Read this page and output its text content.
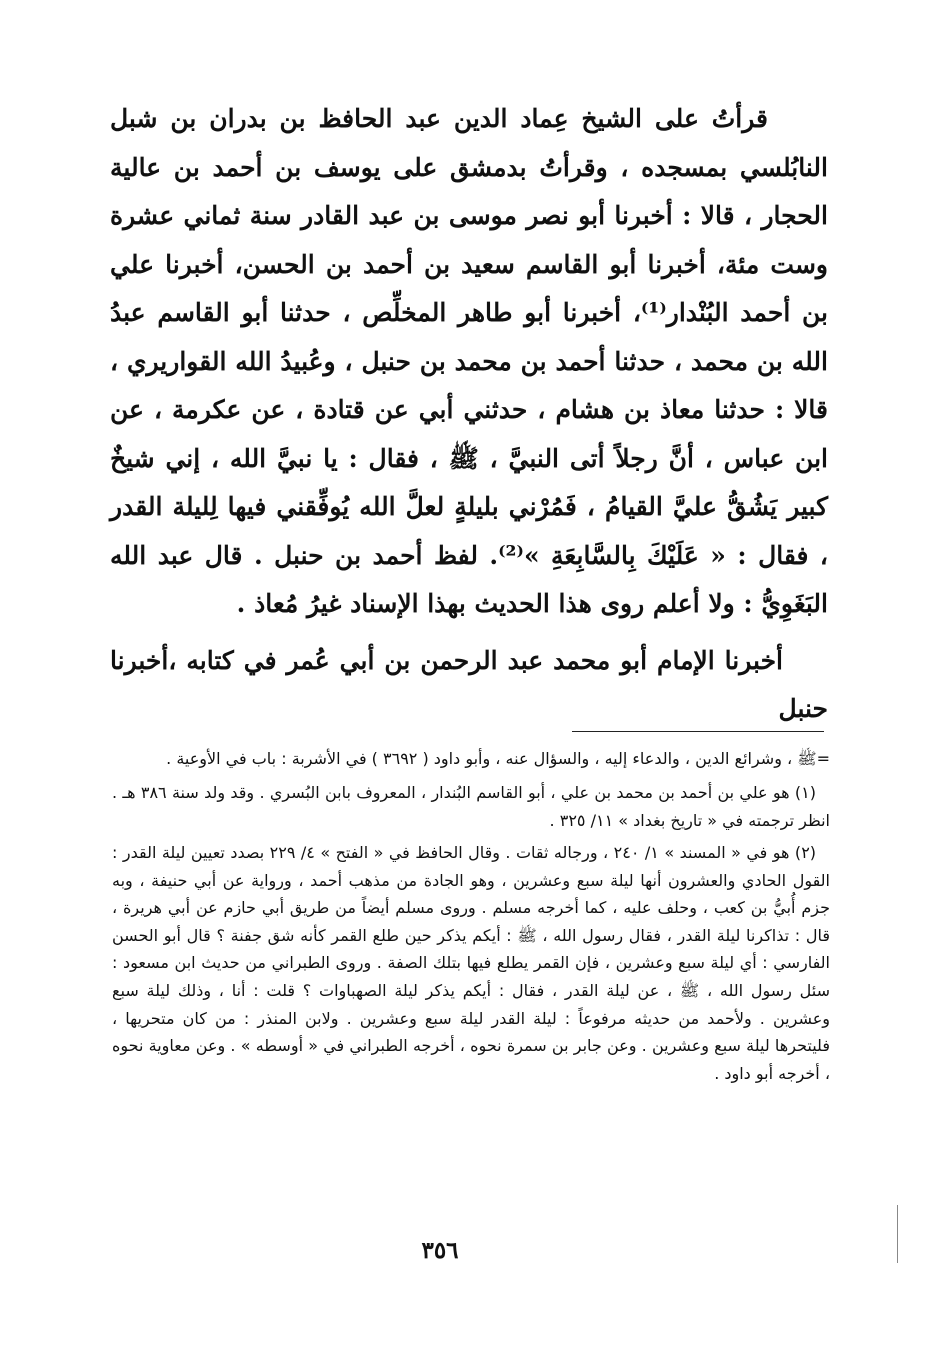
قرأتُ على الشيخ عِماد الدين عبد الحافظ بن بدران بن شبل النابُلسي بمسجده ، وقرأتُ بدمشق على يوسف بن أحمد بن عالية الحجار ، قالا : أخبرنا أبو نصر موسى بن عبد القادر سنة ثماني عشرة وست مئة، أخبرنا أبو القاسم سعيد بن أحمد بن الحسن، أخبرنا علي بن أحمد البُنْدار⁽¹⁾، أخبرنا أبو طاهر المخلِّص ، حدثنا أبو القاسم عبدُ الله بن محمد ، حدثنا أحمد بن محمد بن حنبل ، وعُبيدُ الله القواريري ، قالا : حدثنا معاذ بن هشام ، حدثني أبي عن قتادة ، عن عكرمة ، عن ابن عباس ، أنَّ رجلاً أتى النبيَّ ، ﷺ ، فقال : يا نبيَّ الله ، إني شيخٌ كبير يَشُقُّ عليَّ القيامُ ، فَمُرْني بليلةٍ لعلَّ الله يُوفِّقني فيها لِليلة القدر ، فقال : « عَلَيْكَ بِالسَّابِعَةِ »⁽²⁾. لفظ أحمد بن حنبل . قال عبد الله البَغَوِيُّ : ولا أعلم روى هذا الحديث بهذا الإسناد غيرُ مُعاذ .

أخبرنا الإمام أبو محمد عبد الرحمن بن أبي عُمر في كتابه ،أخبرنا حنبل

=ﷺ ، وشرائع الدين ، والدعاء إليه ، والسؤال عنه ، وأبو داود ( ٣٦٩٢ ) في الأشربة : باب في الأوعية .

(١) هو علي بن أحمد بن محمد بن علي ، أبو القاسم البُندار ، المعروف بابن البُسري . وقد ولد سنة ٣٨٦ هـ . انظر ترجمته في « تاريخ بغداد » ١١/ ٣٢٥ .

(٢) هو في « المسند » ١/ ٢٤٠ ، ورجاله ثقات . وقال الحافظ في « الفتح » ٤/ ٢٢٩ بصدد تعيين ليلة القدر : القول الحادي والعشرون أنها ليلة سبع وعشرين ، وهو الجادة من مذهب أحمد ، ورواية عن أبي حنيفة ، وبه جزم أُبيُّ بن كعب ، وحلف عليه ، كما أخرجه مسلم . وروى مسلم أيضاً من طريق أبي حازم عن أبي هريرة ، قال : تذاكرنا ليلة القدر ، فقال رسول الله ، ﷺ : أيكم يذكر حين طلع القمر كأنه شق جفنة ؟ قال أبو الحسن الفارسي : أي ليلة سبع وعشرين ، فإن القمر يطلع فيها بتلك الصفة . وروى الطبراني من حديث ابن مسعود : سئل رسول الله ، ﷺ ، عن ليلة القدر ، فقال : أيكم يذكر ليلة الصهباوات ؟ قلت : أنا ، وذلك ليلة سبع وعشرين . ولأحمد من حديثه مرفوعاً : ليلة القدر ليلة سبع وعشرين . ولابن المنذر : من كان متحريها ، فليتحرها ليلة سبع وعشرين . وعن جابر بن سمرة نحوه ، أخرجه الطبراني في « أوسطه » . وعن معاوية نحوه ، أخرجه أبو داود .

٣٥٦
